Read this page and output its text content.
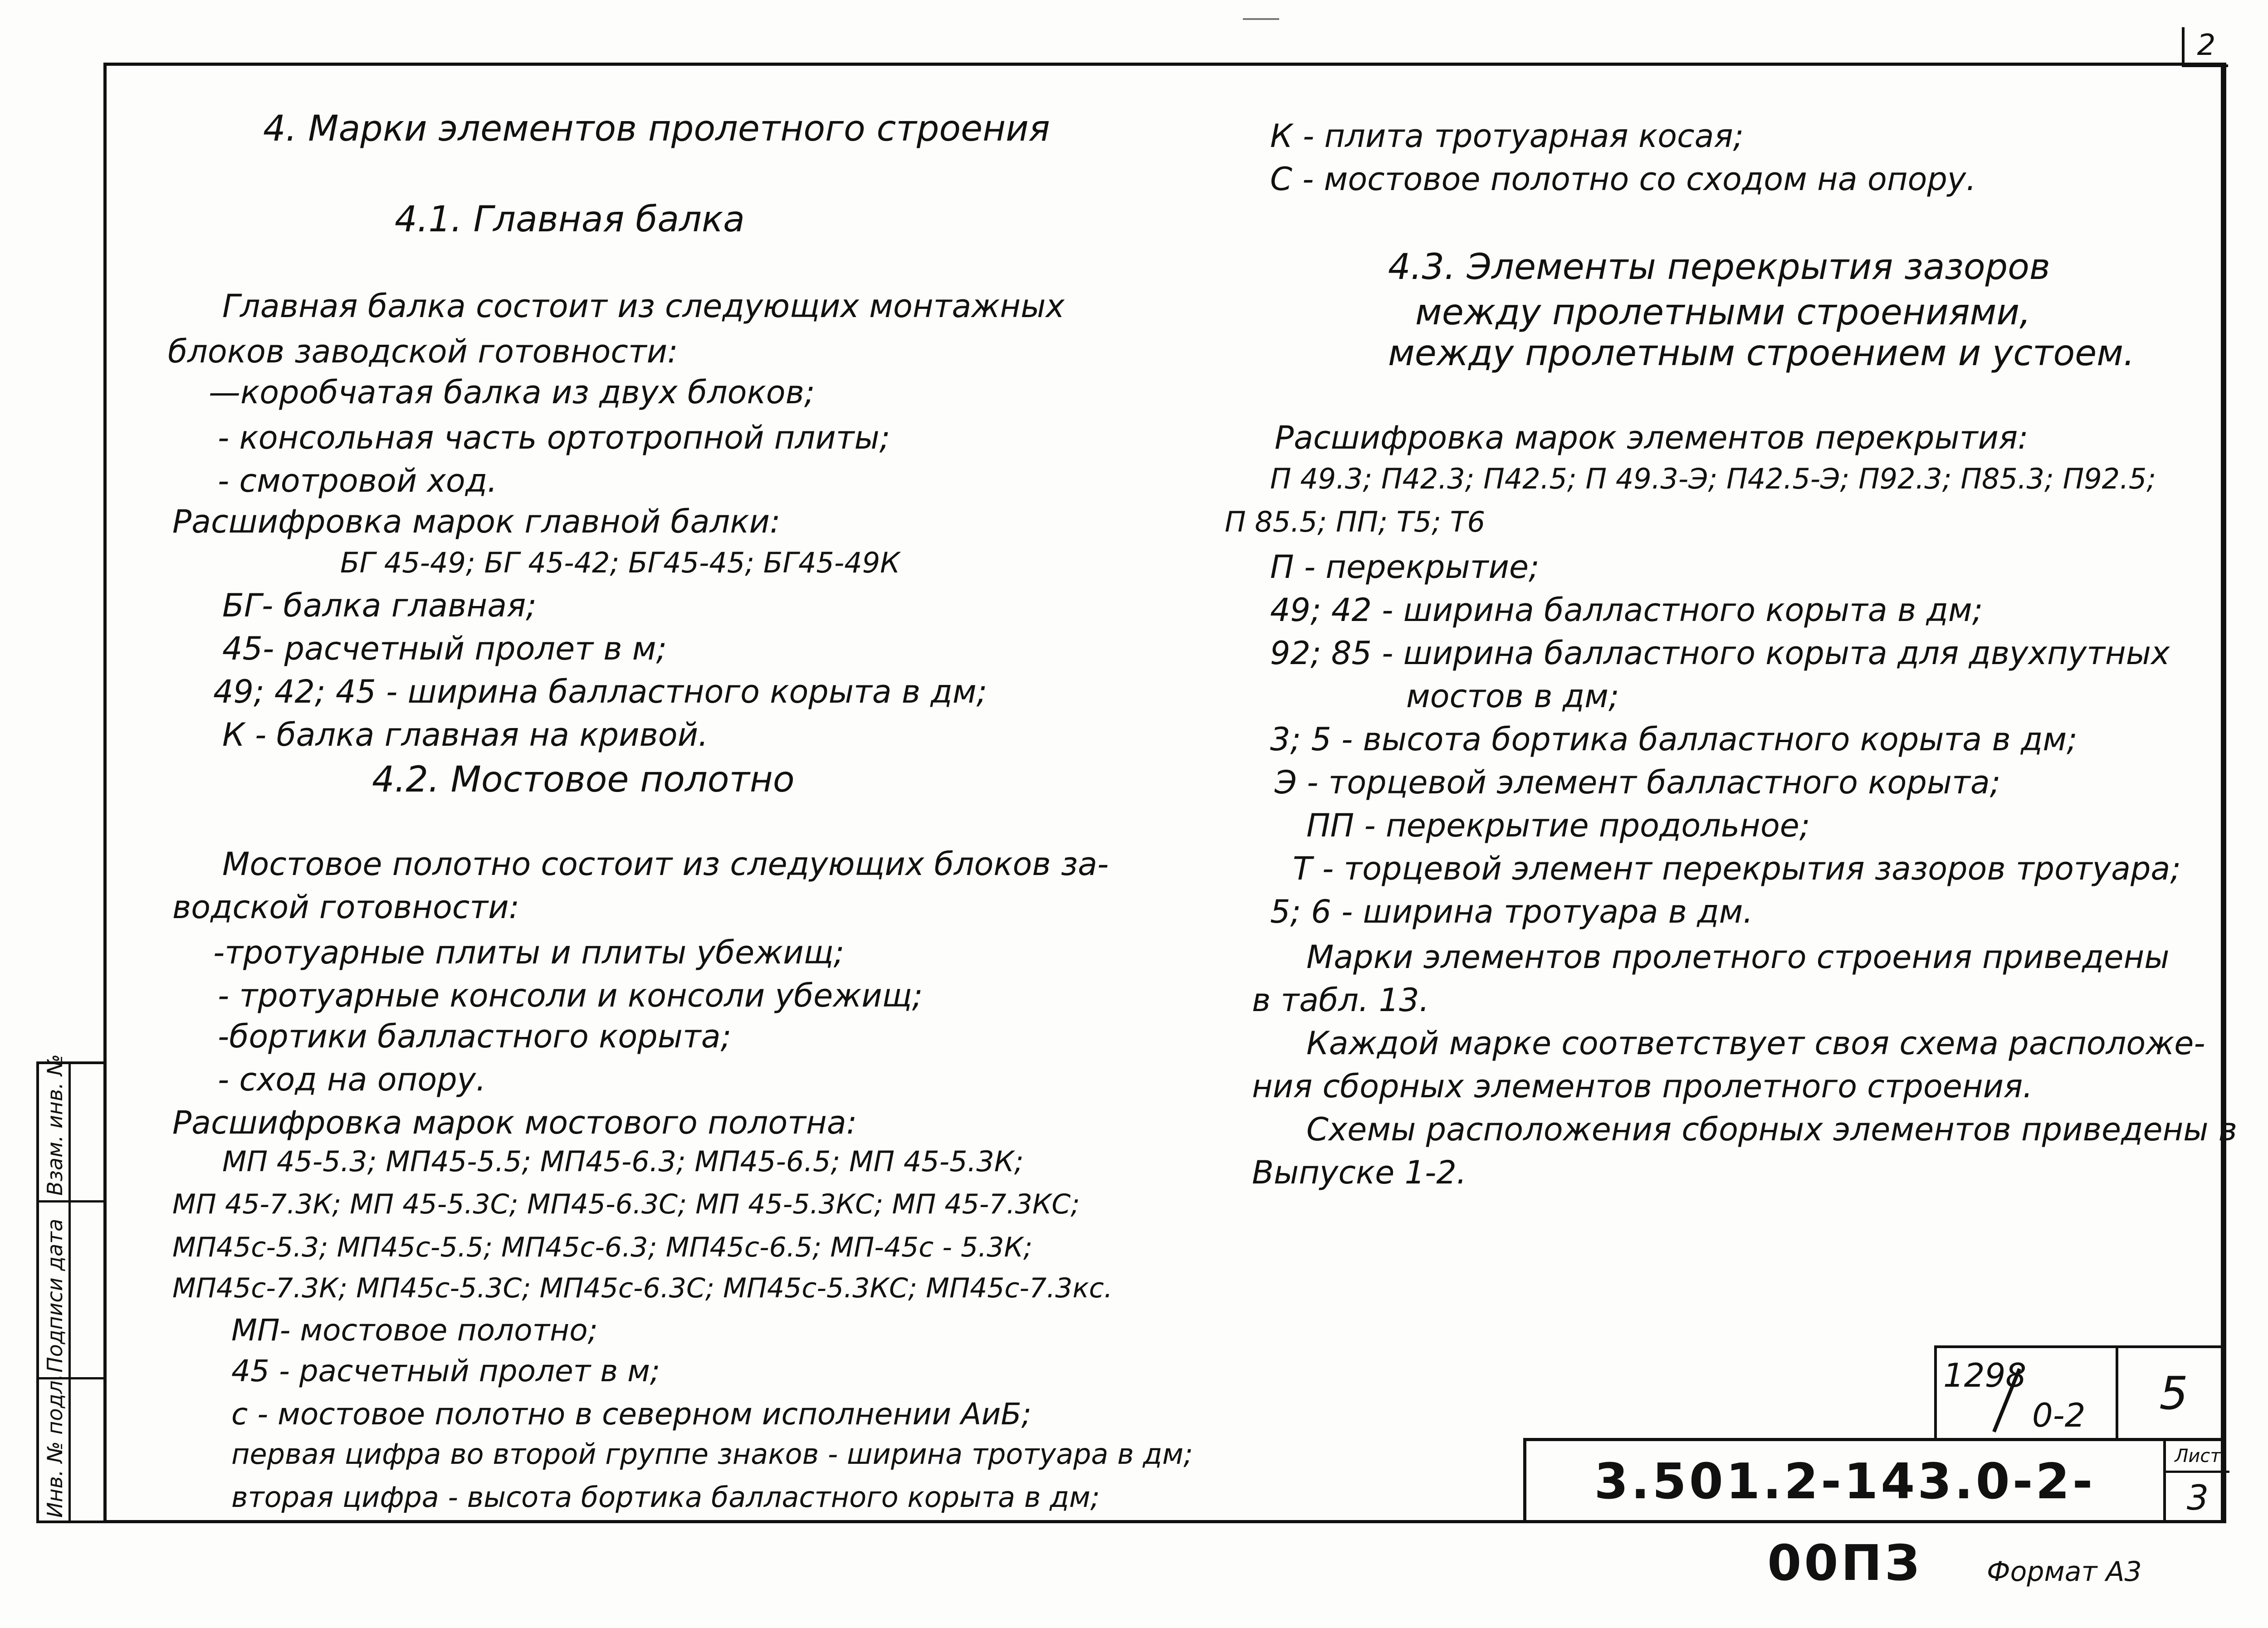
2
4. Марки элементов пролетного строения
4.1. Главная балка
Главная балка состоит из следующих монтажных
блоков заводской готовности:
—коробчатая балка из двух блоков;
- консольная часть ортотропной плиты;
- смотровой ход.
Расшифровка марок главной балки:
БГ 45-49; БГ 45-42; БГ45-45; БГ45-49К
БГ- балка главная;
45- расчетный пролет в м;
49; 42; 45 - ширина балластного корыта в дм;
К - балка главная на кривой.
4.2. Мостовое полотно
Мостовое полотно состоит из следующих блоков за-
водской готовности:
-тротуарные плиты и плиты убежищ;
- тротуарные консоли и консоли убежищ;
-бортики балластного корыта;
- сход на опору.
Расшифровка марок мостового полотна:
МП 45-5.3; МП45-5.5; МП45-6.3; МП45-6.5; МП 45-5.3К;
МП 45-7.3К; МП 45-5.3С; МП45-6.3С; МП 45-5.3КС; МП 45-7.3КС;
МП45с-5.3; МП45с-5.5; МП45с-6.3; МП45с-6.5; МП-45с - 5.3К;
МП45с-7.3К; МП45с-5.3С; МП45с-6.3С; МП45с-5.3КС; МП45с-7.3кс.
МП- мостовое полотно;
45 - расчетный пролет в м;
с - мостовое полотно в северном исполнении АиБ;
первая цифра во второй группе знаков - ширина тротуара в дм;
вторая цифра - высота бортика балластного корыта в дм;
К - плита тротуарная косая;
С - мостовое полотно со сходом на опору.
4.3. Элементы перекрытия зазоров
между пролетными строениями,
между пролетным строением и устоем.
Расшифровка марок элементов перекрытия:
П 49.3; П42.3; П42.5; П 49.3-Э; П42.5-Э; П92.3; П85.3; П92.5;
П 85.5; ПП; Т5; Т6
П - перекрытие;
49; 42 - ширина балластного корыта в дм;
92; 85 - ширина балластного корыта для двухпутных
мостов в дм;
3; 5 - высота бортика балластного корыта в дм;
Э - торцевой элемент балластного корыта;
ПП - перекрытие продольное;
Т - торцевой элемент перекрытия зазоров тротуара;
5; 6 - ширина тротуара в дм.
Марки элементов пролетного строения приведены
в табл. 13.
Каждой марке соответствует своя схема расположе-
ния сборных элементов пролетного строения.
Схемы расположения сборных элементов приведены в
Выпуске 1-2.
Инв. № подл.
Подписи дата
Взам. инв. №
1298
0-2	5
3.501.2-143.0-2-00ПЗ
Лист
3
Формат А3
